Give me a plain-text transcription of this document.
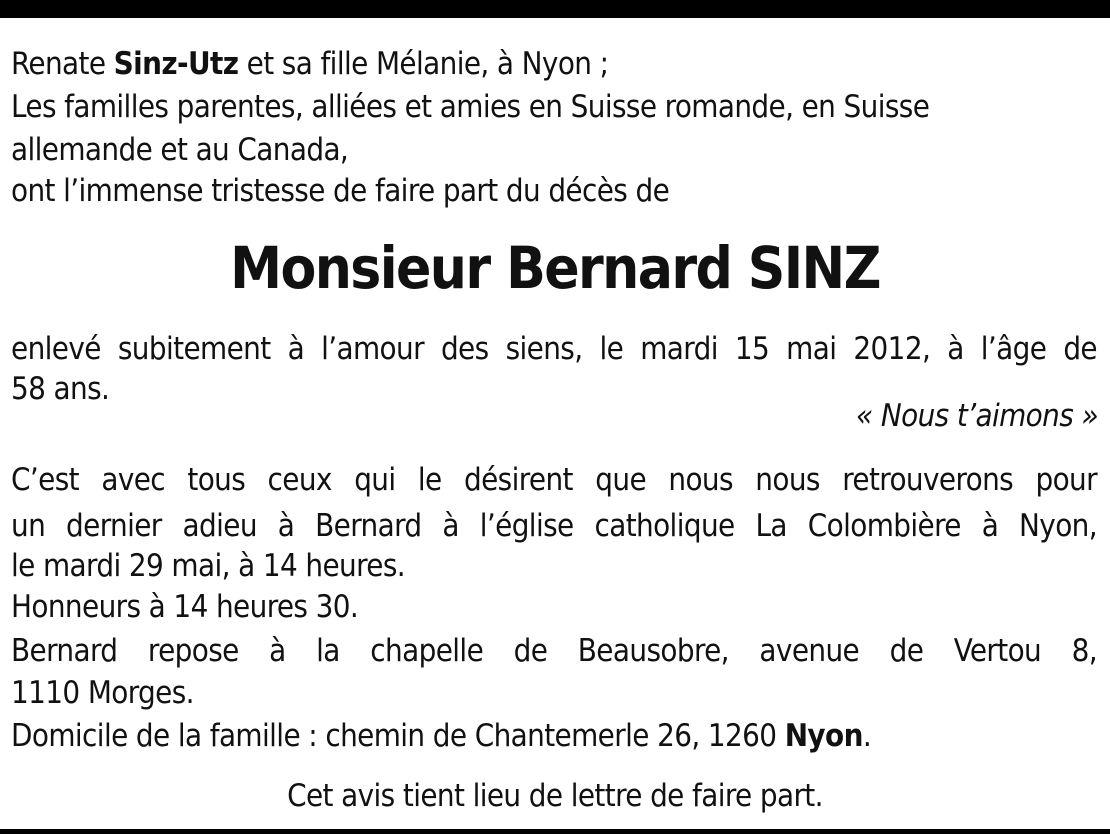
Renate Sinz-Utz et sa fille Mélanie, à Nyon ;
Les familles parentes, alliées et amies en Suisse romande, en Suisse
allemande et au Canada,
ont l’immense tristesse de faire part du décès de
Monsieur Bernard SINZ
enlevé subitement à l’amour des siens, le mardi 15 mai 2012, à l’âge de
58 ans.
« Nous t’aimons »
C’est avec tous ceux qui le désirent que nous nous retrouverons pour
un dernier adieu à Bernard à l’église catholique La Colombière à Nyon,
le mardi 29 mai, à 14 heures.
Honneurs à 14 heures 30.
Bernard repose à la chapelle de Beausobre, avenue de Vertou 8,
1110 Morges.
Domicile de la famille : chemin de Chantemerle 26, 1260 Nyon.
Cet avis tient lieu de lettre de faire part.
